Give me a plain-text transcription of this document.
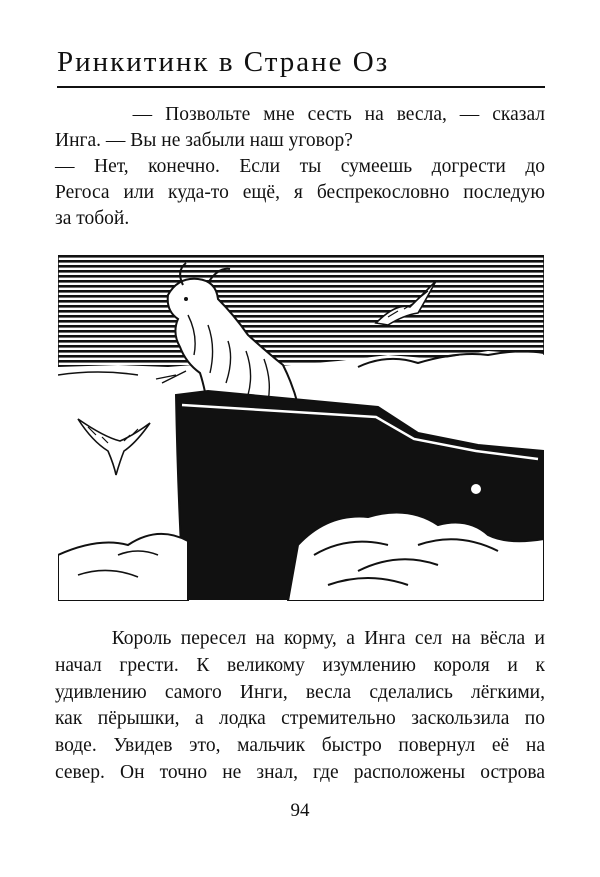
Ринкитинк в Стране Оз
— Позвольте мне сесть на весла, — сказал
Инга. — Вы не забыли наш уговор?
— Нет, конечно. Если ты сумеешь догрести до
Регоса или куда-то ещё, я беспрекословно последую
за тобой.
Король пересел на корму, а Инга сел на вёсла и
начал грести. К великому изумлению короля и к
удивлению самого Инги, весла сделались лёгкими,
как пёрышки, а лодка стремительно заскользила по
воде. Увидев это, мальчик быстро повернул её на
север. Он точно не знал, где расположены острова
94
